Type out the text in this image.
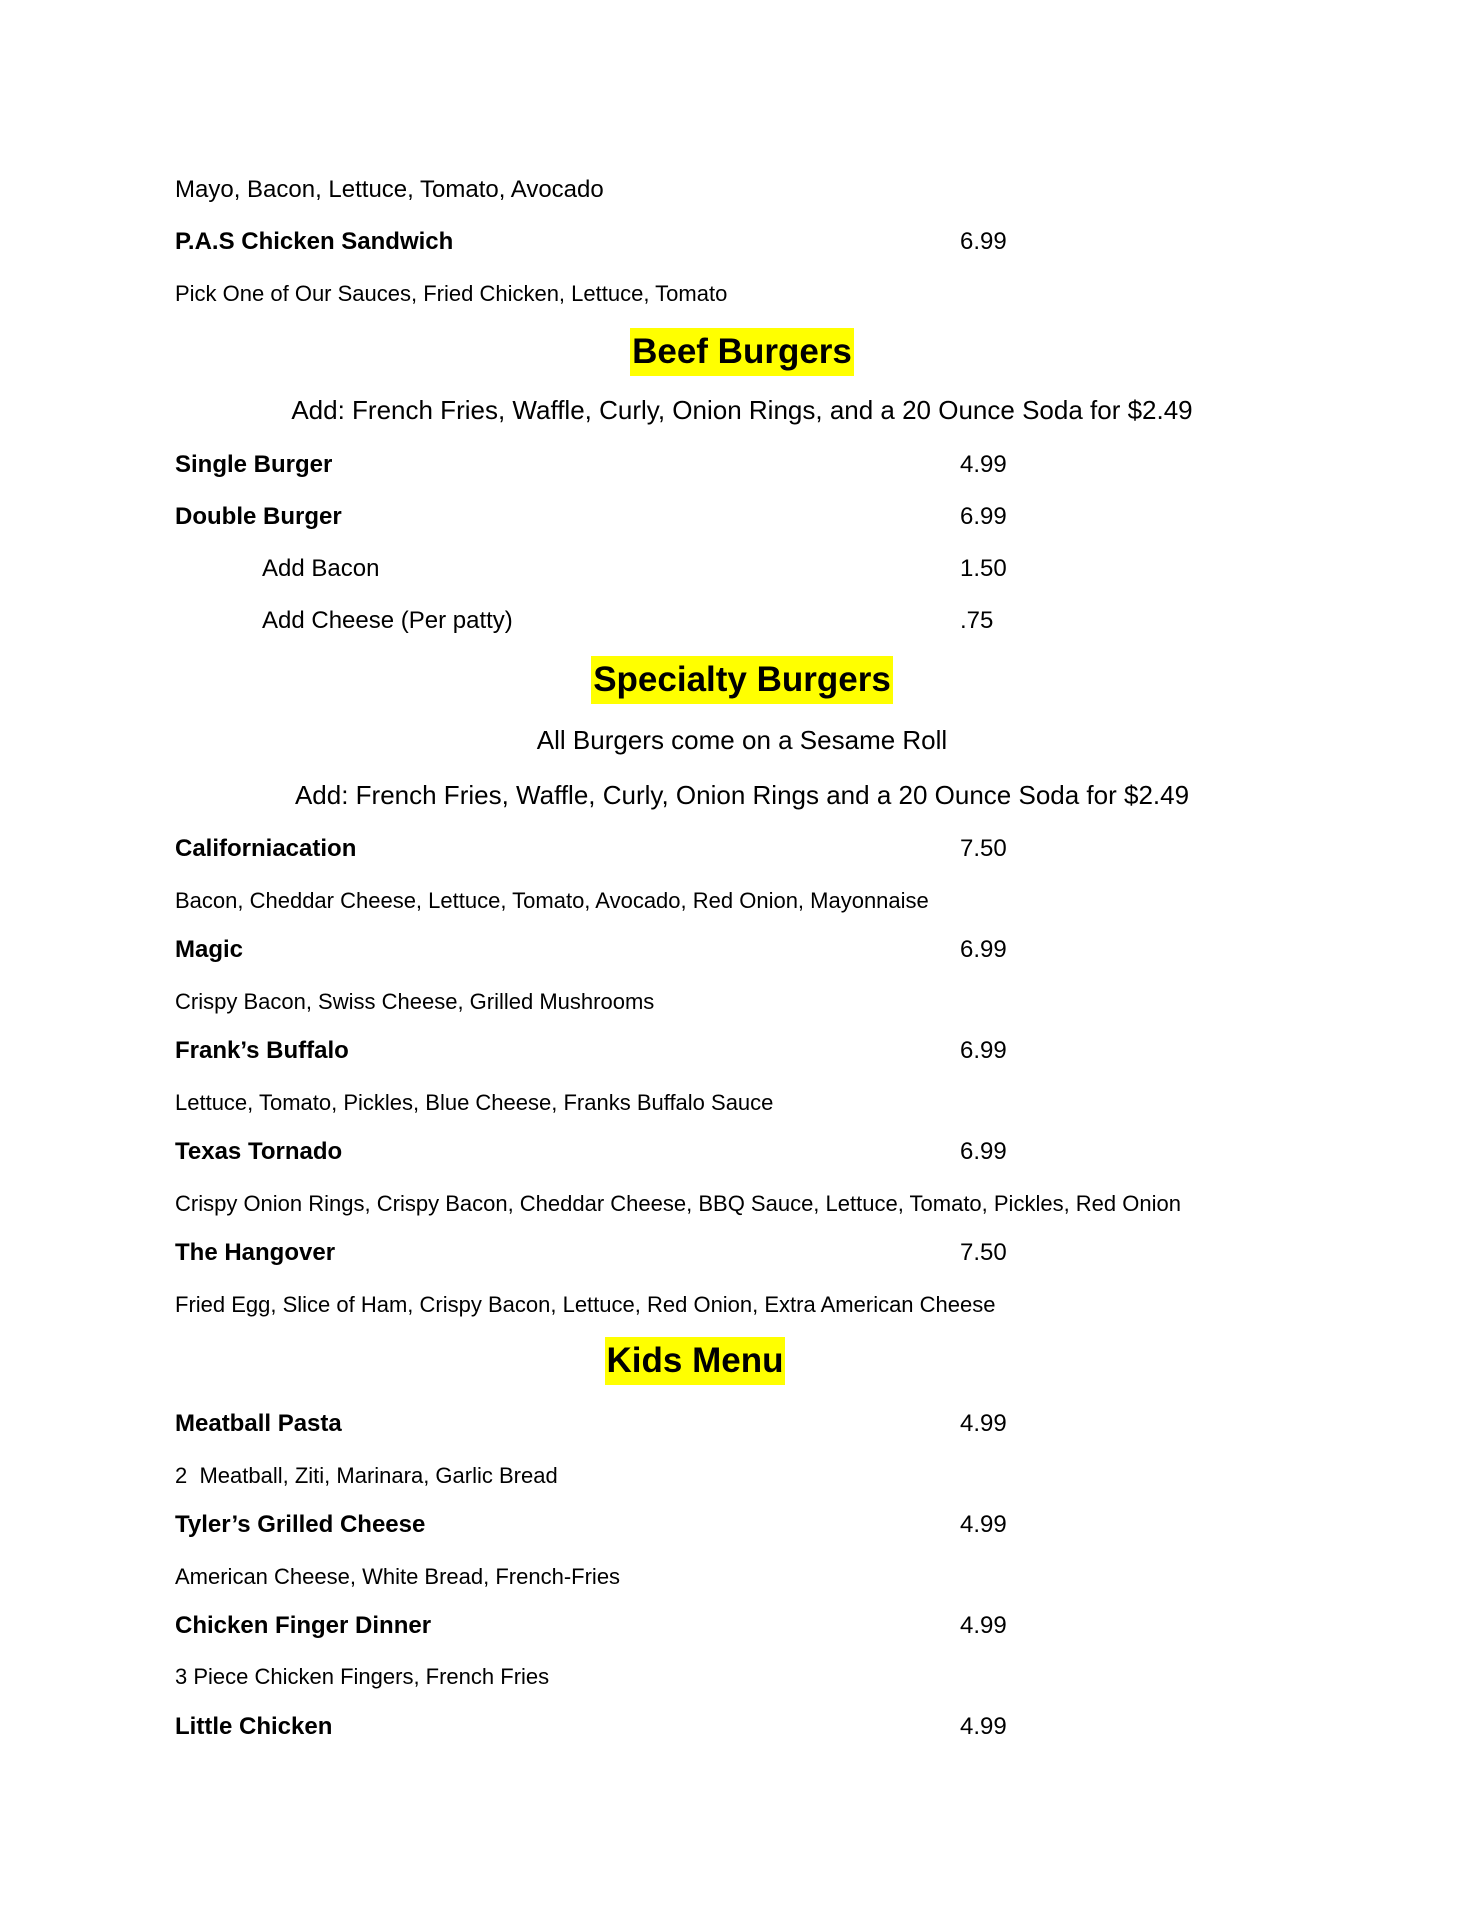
Mayo, Bacon, Lettuce, Tomato, Avocado
P.A.S Chicken Sandwich	6.99
Pick One of Our Sauces, Fried Chicken, Lettuce, Tomato
Beef Burgers
Add: French Fries, Waffle, Curly, Onion Rings, and a 20 Ounce Soda for $2.49
Single Burger	4.99
Double Burger	6.99
Add Bacon	1.50
Add Cheese (Per patty)	.75
Specialty Burgers
All Burgers come on a Sesame Roll
Add: French Fries, Waffle, Curly, Onion Rings and a 20 Ounce Soda for $2.49
Californiacation	7.50
Bacon, Cheddar Cheese, Lettuce, Tomato, Avocado, Red Onion, Mayonnaise
Magic	6.99
Crispy Bacon, Swiss Cheese, Grilled Mushrooms
Frank’s Buffalo	6.99
Lettuce, Tomato, Pickles, Blue Cheese, Franks Buffalo Sauce
Texas Tornado	6.99
Crispy Onion Rings, Crispy Bacon, Cheddar Cheese, BBQ Sauce, Lettuce, Tomato, Pickles, Red Onion
The Hangover	7.50
Fried Egg, Slice of Ham, Crispy Bacon, Lettuce, Red Onion, Extra American Cheese
Kids Menu
Meatball Pasta	4.99
2  Meatball, Ziti, Marinara, Garlic Bread
Tyler’s Grilled Cheese	4.99
American Cheese, White Bread, French-Fries
Chicken Finger Dinner	4.99
3 Piece Chicken Fingers, French Fries
Little Chicken	4.99
